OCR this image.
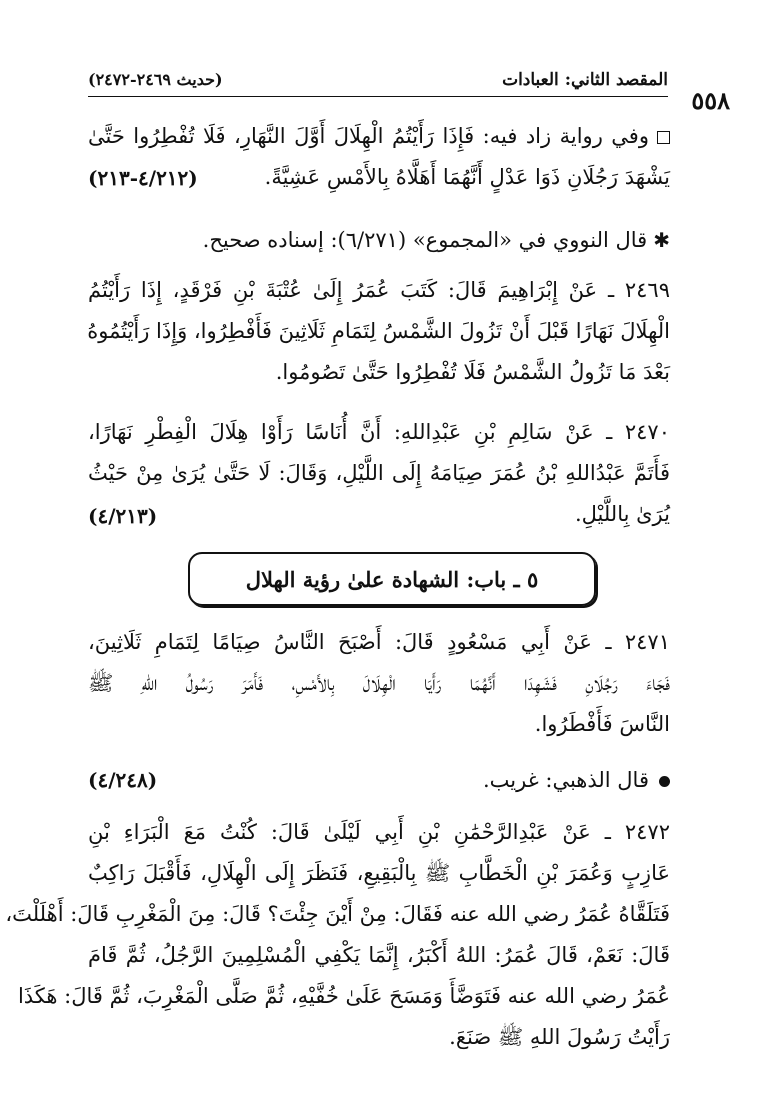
المقصد الثاني: العبادات
(حديث ٢٤٦٩-٢٤٧٢)
٥٥٨
وفي رواية زاد فيه: فَإِذَا رَأَيْتُمُ الْهِلَالَ أَوَّلَ النَّهَارِ، فَلَا تُفْطِرُوا حَتَّىٰ
يَشْهَدَ رَجُلَانِ ذَوَا عَدْلٍ أَنَّهُمَا أَهَلَّاهُ بِالأَمْسِ عَشِيَّةً.
(٤/٢١٢-٢١٣)
✱قال النووي في «المجموع» (٦/٢٧١): إسناده صحيح.
٢٤٦٩ ـ عَنْ إِبْرَاهِيمَ قَالَ: كَتَبَ عُمَرُ إِلَىٰ عُتْبَةَ بْنِ فَرْقَدٍ، إِذَا رَأَيْتُمُ
الْهِلَالَ نَهَارًا قَبْلَ أَنْ تَزُولَ الشَّمْسُ لِتَمَامِ ثَلَاثِينَ فَأَفْطِرُوا، وَإِذَا رَأَيْتُمُوهُ
بَعْدَ مَا تَزُولُ الشَّمْسُ فَلَا تُفْطِرُوا حَتَّىٰ تَصُومُوا.
٢٤٧٠ ـ عَنْ سَالِمِ بْنِ عَبْدِاللهِ: أَنَّ أُنَاسًا رَأَوْا هِلَالَ الْفِطْرِ نَهَارًا،
فَأَتَمَّ عَبْدُاللهِ بْنُ عُمَرَ صِيَامَهُ إِلَى اللَّيْلِ، وَقَالَ: لَا حَتَّىٰ يُرَىٰ مِنْ حَيْثُ
يُرَىٰ بِاللَّيْلِ.
(٤/٢١٣)
٥ ـ باب: الشهادة علىٰ رؤية الهلال
٢٤٧١ ـ عَنْ أَبِي مَسْعُودٍ قَالَ: أَصْبَحَ النَّاسُ صِيَامًا لِتَمَامِ ثَلَاثِينَ،
فَجَاءَ رَجُلَانِ فَشَهِدَا أَنَّهُمَا رَأَيَا الْهِلَالَ بِالأَمْسِ، فَأَمَرَ رَسُولُ اللهِ ﷺ
النَّاسَ فَأَفْطَرُوا.
قال الذهبي: غريب.
(٤/٢٤٨)
٢٤٧٢ ـ عَنْ عَبْدِالرَّحْمَٰنِ بْنِ أَبِي لَيْلَىٰ قَالَ: كُنْتُ مَعَ الْبَرَاءِ بْنِ
عَازِبٍ وَعُمَرَ بْنِ الْخَطَّابِ ﷺ بِالْبَقِيعِ، فَنَظَرَ إِلَى الْهِلَالِ، فَأَقْبَلَ رَاكِبٌ
فَتَلَقَّاهُ عُمَرُ رضي الله عنه فَقَالَ: مِنْ أَيْنَ جِئْتَ؟ قَالَ: مِنَ الْمَغْرِبِ قَالَ: أَهْلَلْتَ،
قَالَ: نَعَمْ، قَالَ عُمَرُ: اللهُ أَكْبَرُ، إِنَّمَا يَكْفِي الْمُسْلِمِينَ الرَّجُلُ، ثُمَّ قَامَ
عُمَرُ رضي الله عنه فَتَوَضَّأَ وَمَسَحَ عَلَىٰ خُفَّيْهِ، ثُمَّ صَلَّى الْمَغْرِبَ، ثُمَّ قَالَ: هَكَذَا
رَأَيْتُ رَسُولَ اللهِ ﷺ صَنَعَ.
